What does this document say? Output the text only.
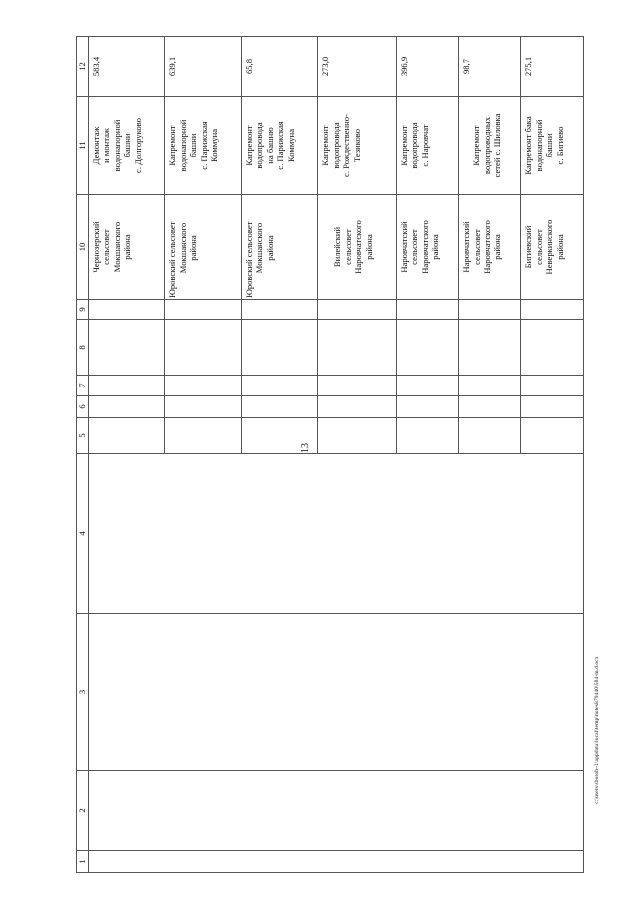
13
1	2	3	4	5	6	7	8	9	10	11	12

									Чернозерский сельсовет Мокшанского района	Демонтаж и монтаж водонапорной башни с. Долгоруково	583,4

									Юровский сельсовет Мокшанского района	Капремонт водонапорной башни с. Парижская Коммуна	639,1

									Юровский сельсовет Мокшанского района	Капремонт водопровода на башню с. Парижская Коммуна	65,8

									Вилейский сельсовет Наровчатского района	Капремонт водопровода с. Рождественно- Тезиково	273,0

									Наровчатский сельсовет Наровчатского района	Капремонт водопровода с. Наровчат	396,9

									Наровчатский сельсовет Наровчатского района	Капремонт водопроводных сетей с. Шиловка	98,7

									Бигиевский сельсовет Неверкинского района	Капремонт бака водонапорной башни с. Бигиево	275,1
c:\users\sboroh~1\appdata\local\temp\notes879440\504-m.d.ocx
